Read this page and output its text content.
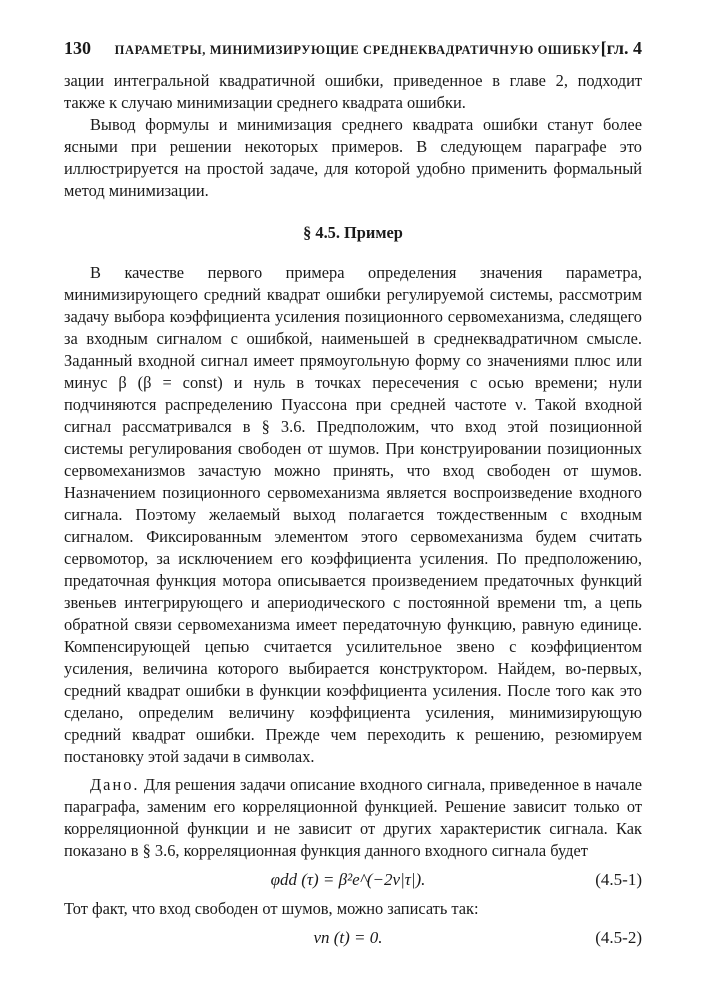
130	ПАРАМЕТРЫ, МИНИМИЗИРУЮЩИЕ СРЕДНЕКВАДРАТИЧНУЮ ОШИБКУ [гл. 4

зации интегральной квадратичной ошибки, приведенное в главе 2, подходит также к случаю минимизации среднего квадрата ошибки.

Вывод формулы и минимизация среднего квадрата ошибки станут более ясными при решении некоторых примеров. В следующем параграфе это иллюстрируется на простой задаче, для которой удобно применить формальный метод минимизации.

§ 4.5. Пример

В качестве первого примера определения значения параметра, минимизирующего средний квадрат ошибки регулируемой системы, рассмотрим задачу выбора коэффициента усиления позиционного сервомеханизма, следящего за входным сигналом с ошибкой, наименьшей в среднеквадратичном смысле. Заданный входной сигнал имеет прямоугольную форму со значениями плюс или минус β (β = const) и нуль в точках пересечения с осью времени; нули подчиняются распределению Пуассона при средней частоте ν. Такой входной сигнал рассматривался в § 3.6. Предположим, что вход этой позиционной системы регулирования свободен от шумов. При конструировании позиционных сервомеханизмов зачастую можно принять, что вход свободен от шумов. Назначением позиционного сервомеханизма является воспроизведение входного сигнала. Поэтому желаемый выход полагается тождественным с входным сигналом. Фиксированным элементом этого сервомеханизма будем считать сервомотор, за исключением его коэффициента усиления. По предположению, предаточная функция мотора описывается произведением предаточных функций звеньев интегрирующего и апериодического с постоянной времени τm, а цепь обратной связи сервомеханизма имеет передаточную функцию, равную единице. Компенсирующей цепью считается усилительное звено с коэффициентом усиления, величина которого выбирается конструктором. Найдем, во-первых, средний квадрат ошибки в функции коэффициента усиления. После того как это сделано, определим величину коэффициента усиления, минимизирующую средний квадрат ошибки. Прежде чем переходить к решению, резюмируем постановку этой задачи в символах.

Дано. Для решения задачи описание входного сигнала, приведенное в начале параграфа, заменим его корреляционной функцией. Решение зависит только от корреляционной функции и не зависит от других характеристик сигнала. Как показано в § 3.6, корреляционная функция данного входного сигнала будет

φdd (τ) = β²e^(−2ν|τ|).	(4.5-1)

Тот факт, что вход свободен от шумов, можно записать так:

vn (t) = 0.	(4.5-2)
